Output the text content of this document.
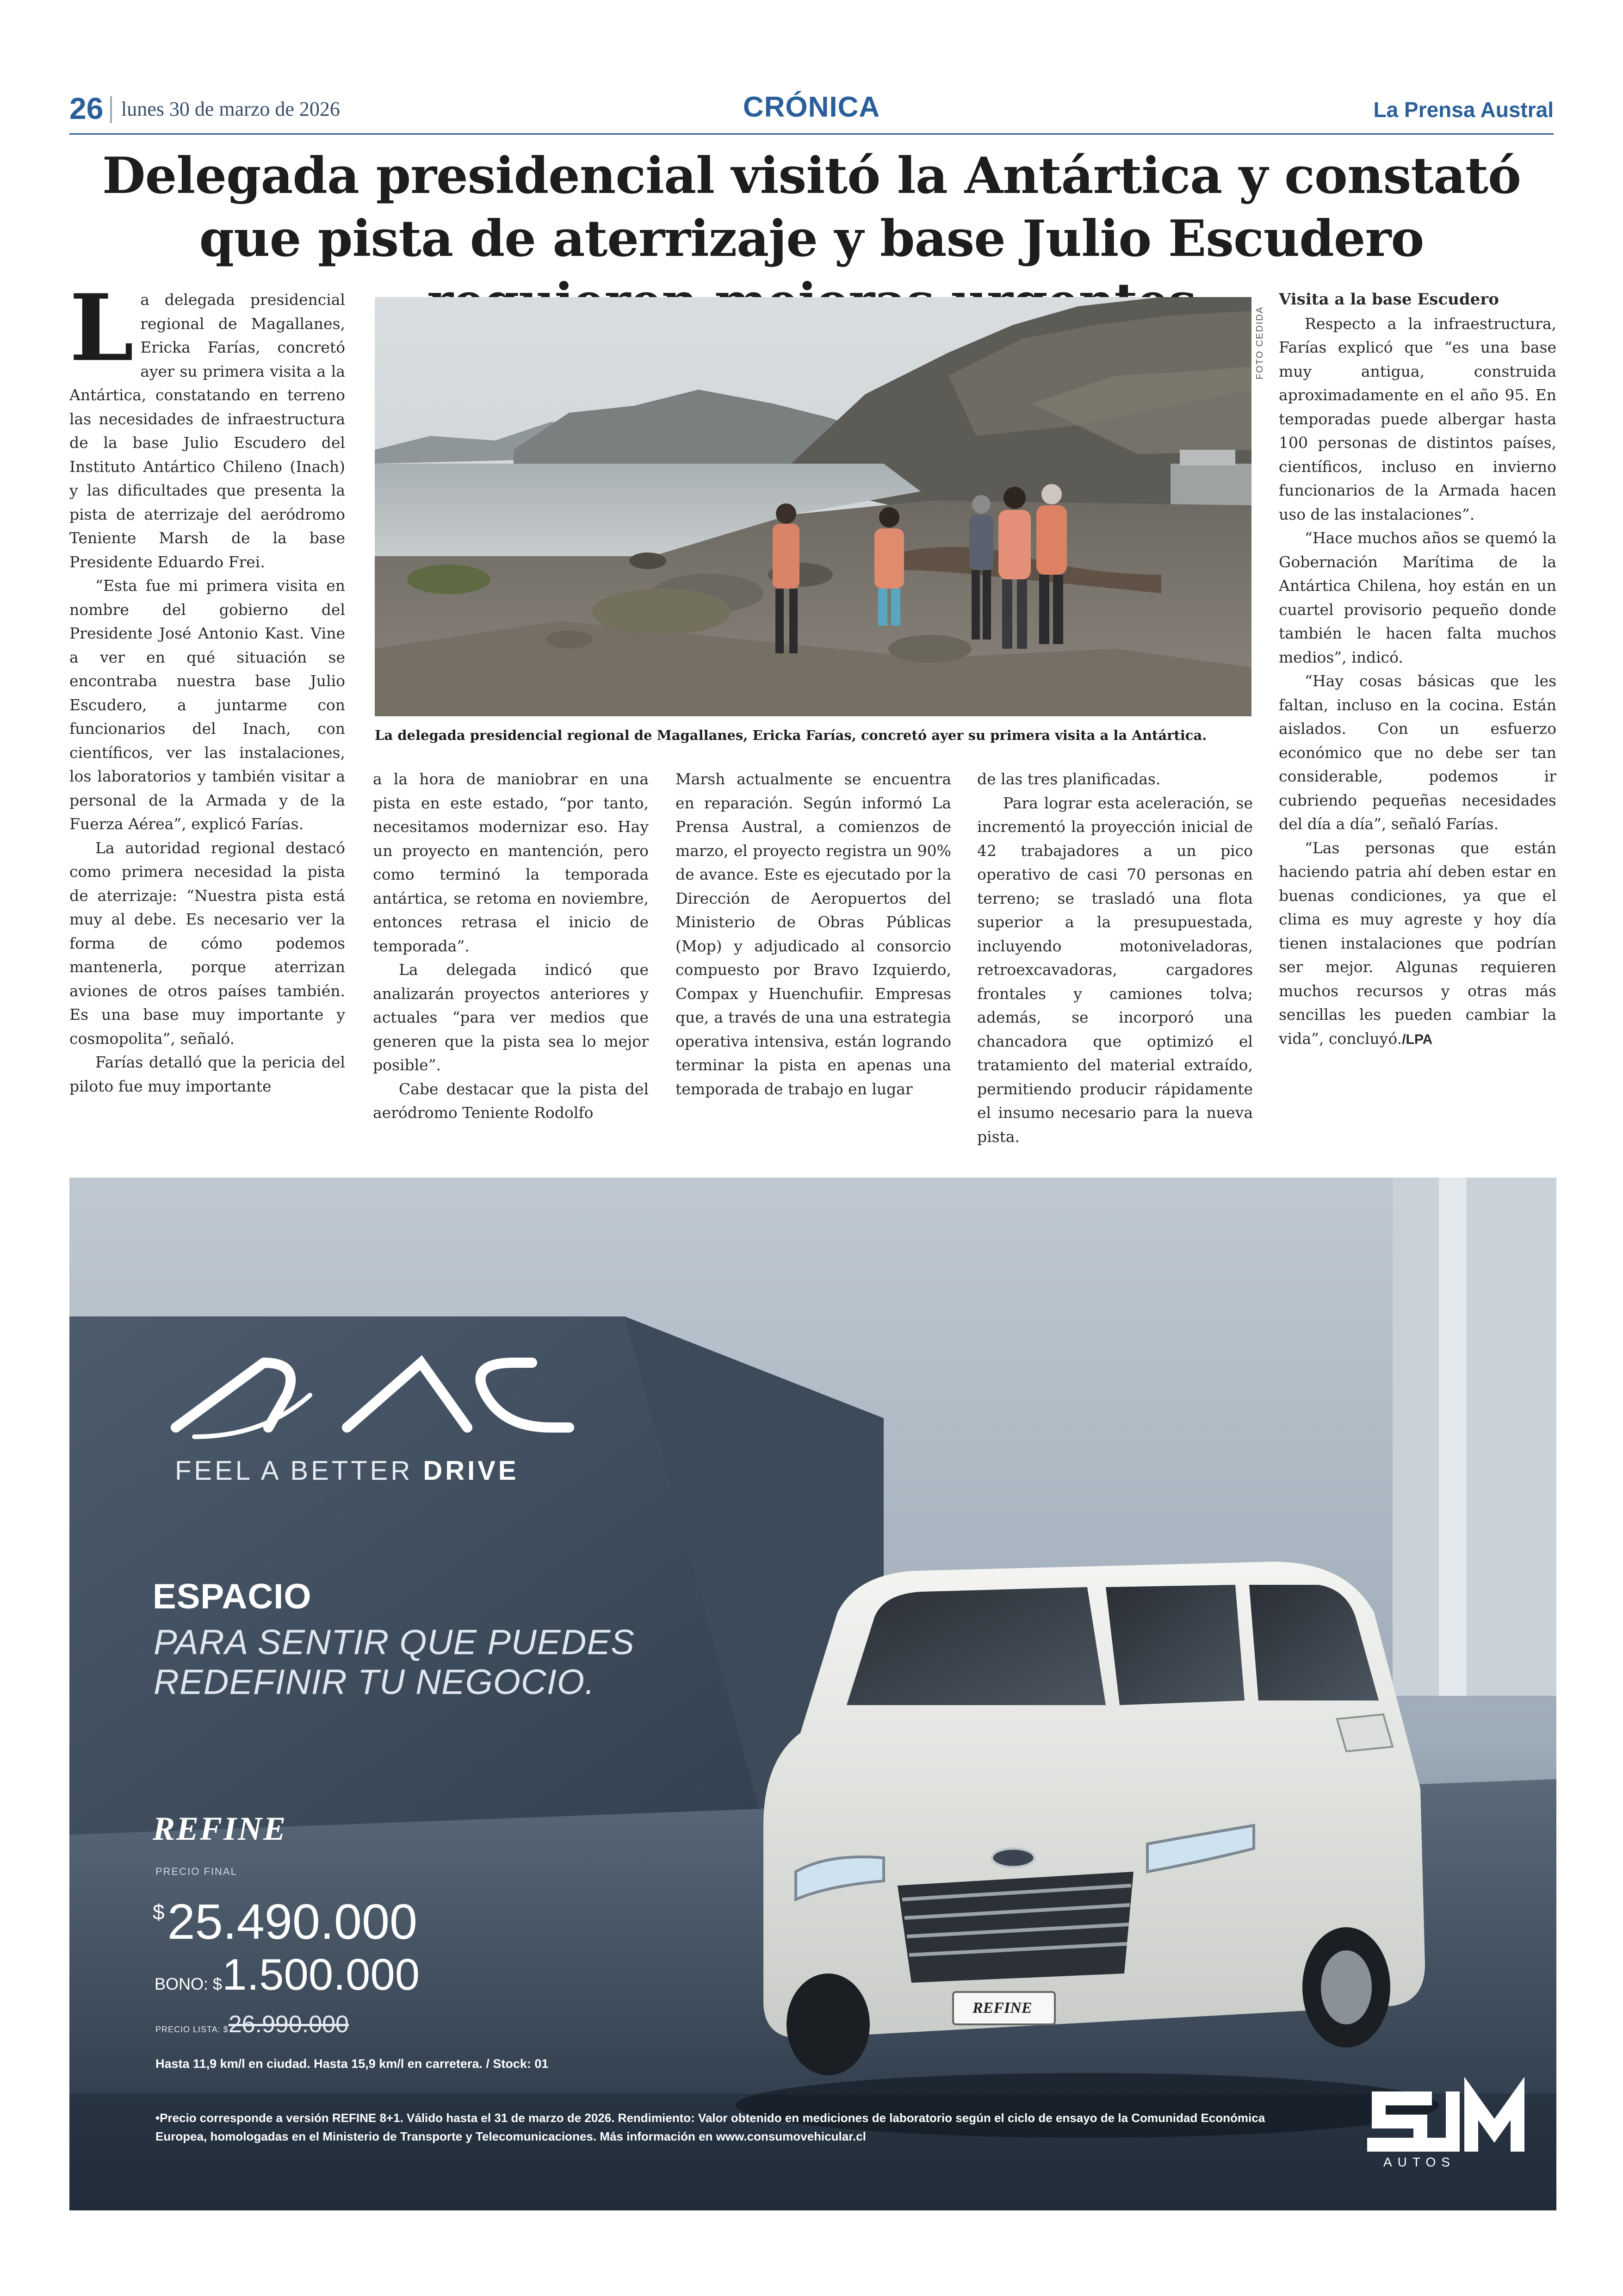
26 lunes 30 de marzo de 2026	CRÓNICA	La Prensa Austral
Delegada presidencial visitó la Antártica y constató que pista de aterrizaje y base Julio Escudero

La delegada presidencial regional de Magallanes, Ericka Farías, concretó ayer su primera visita a la Antártica, constatando en terreno las necesidades de infraestructura de la base Julio Escudero del Instituto Antártico Chileno (Inach) y las dificultades que presenta la pista de aterrizaje del aeródromo Teniente Marsh de la base Presidente Eduardo Frei.

“Esta fue mi primera visita en nombre del gobierno del Presidente José Antonio Kast. Vine a ver en qué situación se encontraba nuestra base Julio Escudero, a juntarme con funcionarios del Inach, con científicos, ver las instalaciones, los laboratorios y también visitar a personal de la Armada y de la Fuerza Aérea”, explicó Farías.

La autoridad regional destacó como primera necesidad la pista de aterrizaje: “Nuestra pista está muy al debe. Es necesario ver la forma de cómo podemos mantenerla, porque aterrizan aviones de otros países también. Es una base muy importante y cosmopolita”, señaló.

Farías detalló que la pericia del piloto fue muy importante

FOTO CEDIDA
La delegada presidencial regional de Magallanes, Ericka Farías, concretó ayer su primera visita a la Antártica.

a la hora de maniobrar en una pista en este estado, “por tanto, necesitamos modernizar eso. Hay un proyecto en mantención, pero como terminó la temporada antártica, se retoma en noviembre, entonces retrasa el inicio de temporada”.

La delegada indicó que analizarán proyectos anteriores y actuales “para ver medios que generen que la pista sea lo mejor posible”.

Cabe destacar que la pista del aeródromo Teniente Rodolfo

Marsh actualmente se encuentra en reparación. Según informó La Prensa Austral, a comienzos de marzo, el proyecto registra un 90% de avance. Este es ejecutado por la Dirección de Aeropuertos del Ministerio de Obras Públicas (Mop) y adjudicado al consorcio compuesto por Bravo Izquierdo, Compax y Huenchufiir. Empresas que, a través de una una estrategia operativa intensiva, están logrando terminar la pista en apenas una temporada de trabajo en lugar

de las tres planificadas.

Para lograr esta aceleración, se incrementó la proyección inicial de 42 trabajadores a un pico operativo de casi 70 personas en terreno; se trasladó una flota superior a la presupuestada, incluyendo motoniveladoras, retroexcavadoras, cargadores frontales y camiones tolva; además, se incorporó una chancadora que optimizó el tratamiento del material extraído, permitiendo producir rápidamente el insumo necesario para la nueva pista.

Visita a la base Escudero

Respecto a la infraestructura, Farías explicó que “es una base muy antigua, construida aproximadamente en el año 95. En temporadas puede albergar hasta 100 personas de distintos países, científicos, incluso en invierno funcionarios de la Armada hacen uso de las instalaciones”.

“Hace muchos años se quemó la Gobernación Marítima de la Antártica Chilena, hoy están en un cuartel provisorio pequeño donde también le hacen falta muchos medios”, indicó.

“Hay cosas básicas que les faltan, incluso en la cocina. Están aislados. Con un esfuerzo económico que no debe ser tan considerable, podemos ir cubriendo pequeñas necesidades del día a día”, señaló Farías.

“Las personas que están haciendo patria ahí deben estar en buenas condiciones, ya que el clima es muy agreste y hoy día tienen instalaciones que podrían ser mejor. Algunas requieren muchos recursos y otras más sencillas les pueden cambiar la vida”, concluyó./LPA

FEEL A BETTER DRIVE
ESPACIO
PARA SENTIR QUE PUEDES
REDEFINIR TU NEGOCIO.
REFINE
PRECIO FINAL
$25.490.000
BONO: $1.500.000
PRECIO LISTA: $26.990.000
Hasta 11,9 km/l en ciudad. Hasta 15,9 km/l en carretera. / Stock: 01
•Precio corresponde a versión REFINE 8+1. Válido hasta el 31 de marzo de 2026. Rendimiento: Valor obtenido en mediciones de laboratorio según el ciclo de ensayo de la Comunidad Económica Europea, homologadas en el Ministerio de Transporte y Telecomunicaciones. Más información en www.consumovehicular.cl
REFINE
AUTOS
